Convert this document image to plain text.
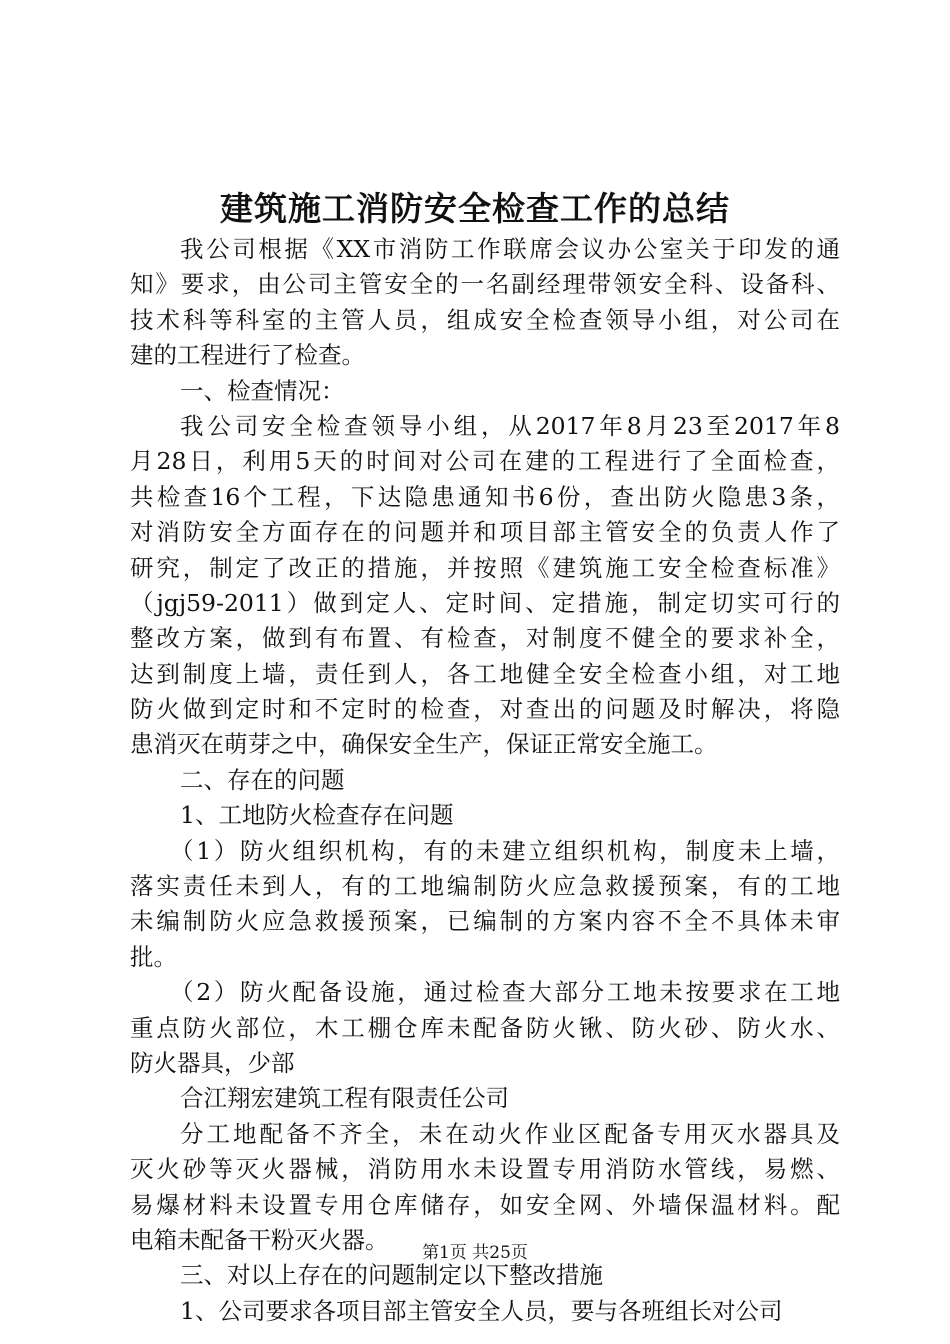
建筑施工消防安全检查工作的总结
我公司根据《XX市消防工作联席会议办公室关于印发的通
知》要求，由公司主管安全的一名副经理带领安全科、设备科、
技术科等科室的主管人员，组成安全检查领导小组，对公司在
建的工程进行了检查。
一、检查情况：
我公司安全检查领导小组，从2017年8月23至2017年8
月28日，利用5天的时间对公司在建的工程进行了全面检查，
共检查16个工程，下达隐患通知书6份，查出防火隐患3条，
对消防安全方面存在的问题并和项目部主管安全的负责人作了
研究，制定了改正的措施，并按照《建筑施工安全检查标准》
（jgj59-2011）做到定人、定时间、定措施，制定切实可行的
整改方案，做到有布置、有检查，对制度不健全的要求补全，
达到制度上墙，责任到人，各工地健全安全检查小组，对工地
防火做到定时和不定时的检查，对查出的问题及时解决，将隐
患消灭在萌芽之中，确保安全生产，保证正常安全施工。
二、存在的问题
1、工地防火检查存在问题
（1）防火组织机构，有的未建立组织机构，制度未上墙，
落实责任未到人，有的工地编制防火应急救援预案，有的工地
未编制防火应急救援预案，已编制的方案内容不全不具体未审
批。
（2）防火配备设施，通过检查大部分工地未按要求在工地
重点防火部位，木工棚仓库未配备防火锹、防火砂、防火水、
防火器具，少部
合江翔宏建筑工程有限责任公司
分工地配备不齐全，未在动火作业区配备专用灭水器具及
灭火砂等灭火器械，消防用水未设置专用消防水管线，易燃、
易爆材料未设置专用仓库储存，如安全网、外墙保温材料。配
电箱未配备干粉灭火器。
三、对以上存在的问题制定以下整改措施
1、公司要求各项目部主管安全人员，要与各班组长对公司
第1页 共25页
